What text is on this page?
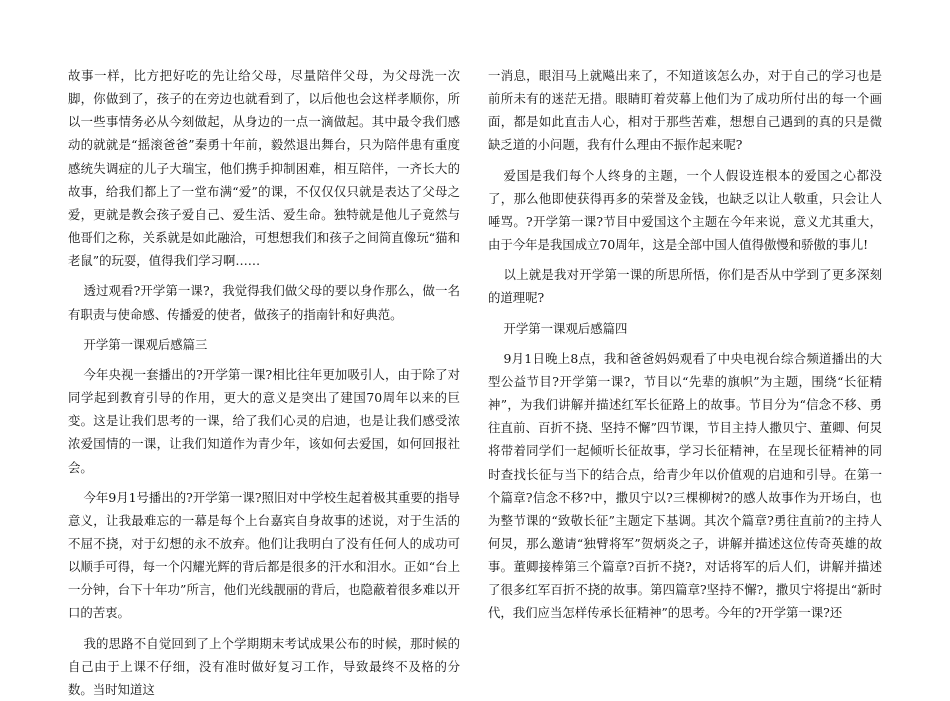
故事一样，比方把好吃的先让给父母，尽量陪伴父母，为父母洗一次脚，你做到了，孩子的在旁边也就看到了，以后他也会这样孝顺你，所以一些事情务必从今刻做起，从身边的一点一滴做起。其中最令我们感动的就就是“摇滚爸爸”秦勇十年前，毅然退出舞台，只为陪伴患有重度感统失调症的儿子大瑞宝，他们携手抑制困难，相互陪伴，一齐长大的故事，给我们都上了一堂布满“爱”的课，不仅仅仅只就是表达了父母之爱，更就是教会孩子爱自己、爱生活、爱生命。独特就是他儿子竟然与他哥们之称，关系就是如此融洽，可想想我们和孩子之间简直像玩“猫和老鼠”的玩耍，值得我们学习啊……

透过观看?开学第一课?，我觉得我们做父母的要以身作那么，做一名有职责与使命感、传播爱的使者，做孩子的指南针和好典范。

开学第一课观后感篇三

今年央视一套播出的?开学第一课?相比往年更加吸引人，由于除了对同学起到教育引导的作用，更大的意义是突出了建国70周年以来的巨变。这是让我们思考的一课，给了我们心灵的启迪，也是让我们感受浓浓爱国情的一课，让我们知道作为青少年，该如何去爱国，如何回报社会。

今年9月1号播出的?开学第一课?照旧对中学校生起着极其重要的指导意义，让我最难忘的一幕是每个上台嘉宾自身故事的述说，对于生活的不屈不挠，对于幻想的永不放弃。他们让我明白了没有任何人的成功可以顺手可得，每一个闪耀光辉的背后都是很多的汗水和泪水。正如“台上一分钟，台下十年功”所言，他们光线靓丽的背后，也隐蔽着很多难以开口的苦衷。

我的思路不自觉回到了上个学期期末考试成果公布的时候，那时候的自己由于上课不仔细，没有准时做好复习工作，导致最终不及格的分数。当时知道这

一消息，眼泪马上就飚出来了，不知道该怎么办，对于自己的学习也是前所未有的迷茫无措。眼睛盯着荧幕上他们为了成功所付出的每一个画面，都是如此直击人心，相对于那些苦难，想想自己遇到的真的只是微缺乏道的小问题，我有什么理由不振作起来呢?

爱国是我们每个人终身的主题，一个人假设连根本的爱国之心都没了，那么他即使获得再多的荣誉及金钱，也缺乏以让人敬重，只会让人唾骂。?开学第一课?节目中爱国这个主题在今年来说，意义尤其重大，由于今年是我国成立70周年，这是全部中国人值得傲慢和骄傲的事儿!

以上就是我对开学第一课的所思所悟，你们是否从中学到了更多深刻的道理呢?

开学第一课观后感篇四

9月1日晚上8点，我和爸爸妈妈观看了中央电视台综合频道播出的大型公益节目?开学第一课?，节目以“先辈的旗帜”为主题，围绕“长征精神”，为我们讲解并描述红军长征路上的故事。节目分为“信念不移、勇往直前、百折不挠、坚持不懈”四节课，节目主持人撒贝宁、董卿、何炅将带着同学们一起倾听长征故事，学习长征精神，在呈现长征精神的同时查找长征与当下的结合点，给青少年以价值观的启迪和引导。在第一个篇章?信念不移?中，撒贝宁以?三棵柳树?的感人故事作为开场白，也为整节课的“致敬长征”主题定下基调。其次个篇章?勇往直前?的主持人何炅，那么邀请“独臂将军”贺炳炎之子，讲解并描述这位传奇英雄的故事。董卿接棒第三个篇章?百折不挠?，对话将军的后人们，讲解并描述了很多红军百折不挠的故事。第四篇章?坚持不懈?，撒贝宁将提出“新时代，我们应当怎样传承长征精神”的思考。今年的?开学第一课?还
